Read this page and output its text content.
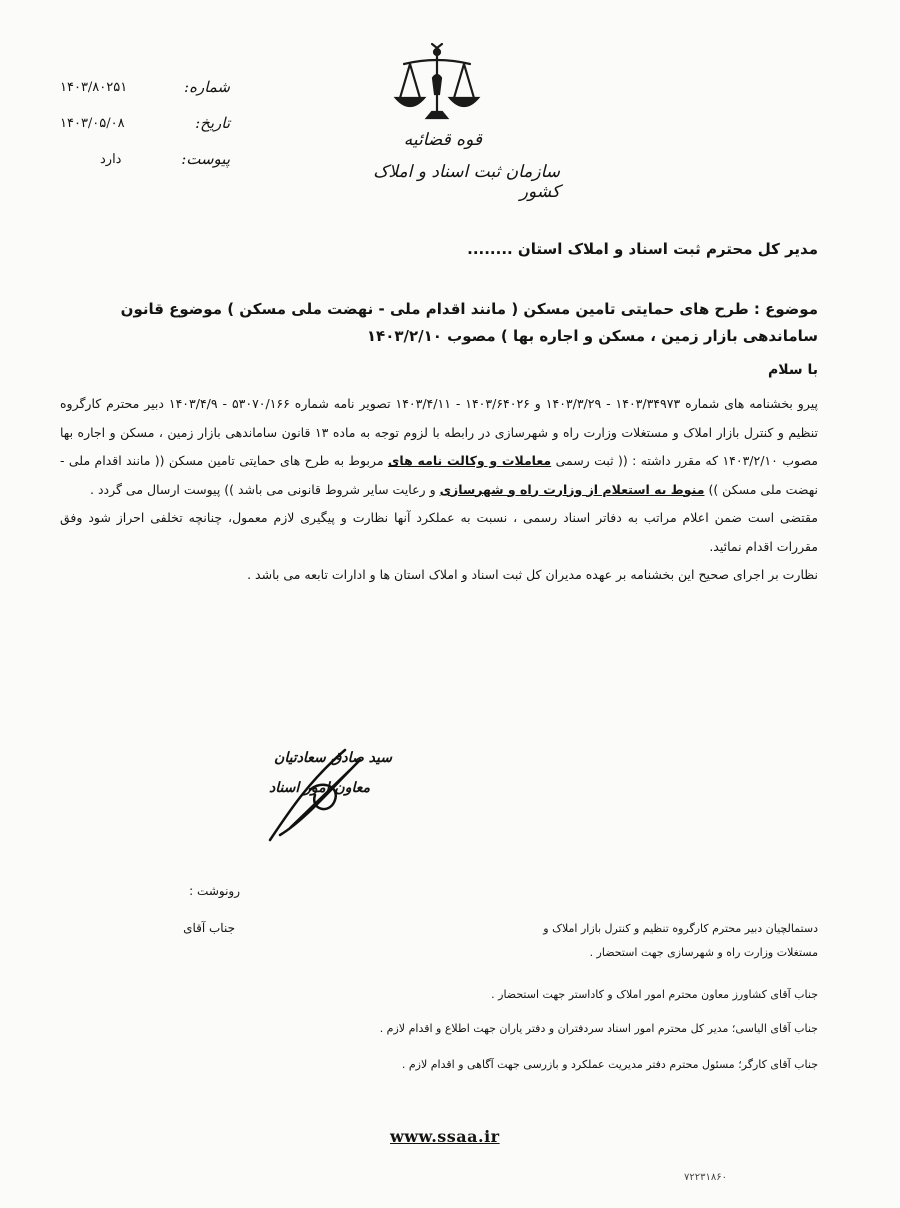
شماره:
۱۴۰۳/۸۰۲۵۱
تاریخ:
۱۴۰۳/۰۵/۰۸
پیوست:
دارد
قوه قضائیه
سازمان ثبت اسناد و املاک کشور
مدیر کل محترم ثبت اسناد و املاک استان ........
موضوع : طرح های حمایتی تامین مسکن ( مانند اقدام ملی - نهضت ملی مسکن ) موضوع قانون ساماندهی بازار زمین ، مسکن و اجاره بها ) مصوب ۱۴۰۳/۲/۱۰
با سلام
پیرو بخشنامه های شماره ۱۴۰۳/۳۴۹۷۳ - ۱۴۰۳/۳/۲۹ و ۱۴۰۳/۶۴۰۲۶ - ۱۴۰۳/۴/۱۱ تصویر نامه شماره ۵۳۰۷۰/۱۶۶ - ۱۴۰۳/۴/۹ دبیر محترم کارگروه تنظیم و کنترل بازار املاک و مستغلات وزارت راه و شهرسازی در رابطه با لزوم توجه به ماده ۱۳ قانون ساماندهی بازار زمین ، مسکن و اجاره بها مصوب ۱۴۰۳/۲/۱۰ که مقرر داشته : (( ثبت رسمی معاملات و وکالت نامه های مربوط به طرح های حمایتی تامین مسکن (( مانند اقدام ملی - نهضت ملی مسکن )) منوط به استعلام از وزارت راه و شهرسازی و رعایت سایر شروط قانونی می باشد )) پیوست ارسال می گردد .
مقتضی است ضمن اعلام مراتب به دفاتر اسناد رسمی ، نسبت به عملکرد آنها نظارت و پیگیری لازم معمول، چنانچه تخلفی احراز شود وفق مقررات اقدام نمائید.
نظارت بر اجرای صحیح این بخشنامه بر عهده مدیران کل ثبت اسناد و املاک استان ها و ادارات تابعه می باشد .
سید صادق سعادتیان
معاون امور اسناد
رونوشت :
جناب آقای	دستمالچیان دبیر محترم کارگروه تنظیم و کنترل بازار املاک و
مستغلات وزارت راه و شهرسازی جهت استحضار .
جناب آقای کشاورز معاون محترم امور املاک و کاداستر جهت استحضار .
جناب آقای الیاسی؛ مدیر کل محترم امور اسناد سردفتران و دفتر یاران جهت اطلاع و اقدام لازم .
جناب آقای کارگر؛ مسئول محترم دفتر مدیریت عملکرد و بازرسی جهت آگاهی و اقدام لازم .
www.ssaa.ir
۷۲۲۳۱۸۶۰
